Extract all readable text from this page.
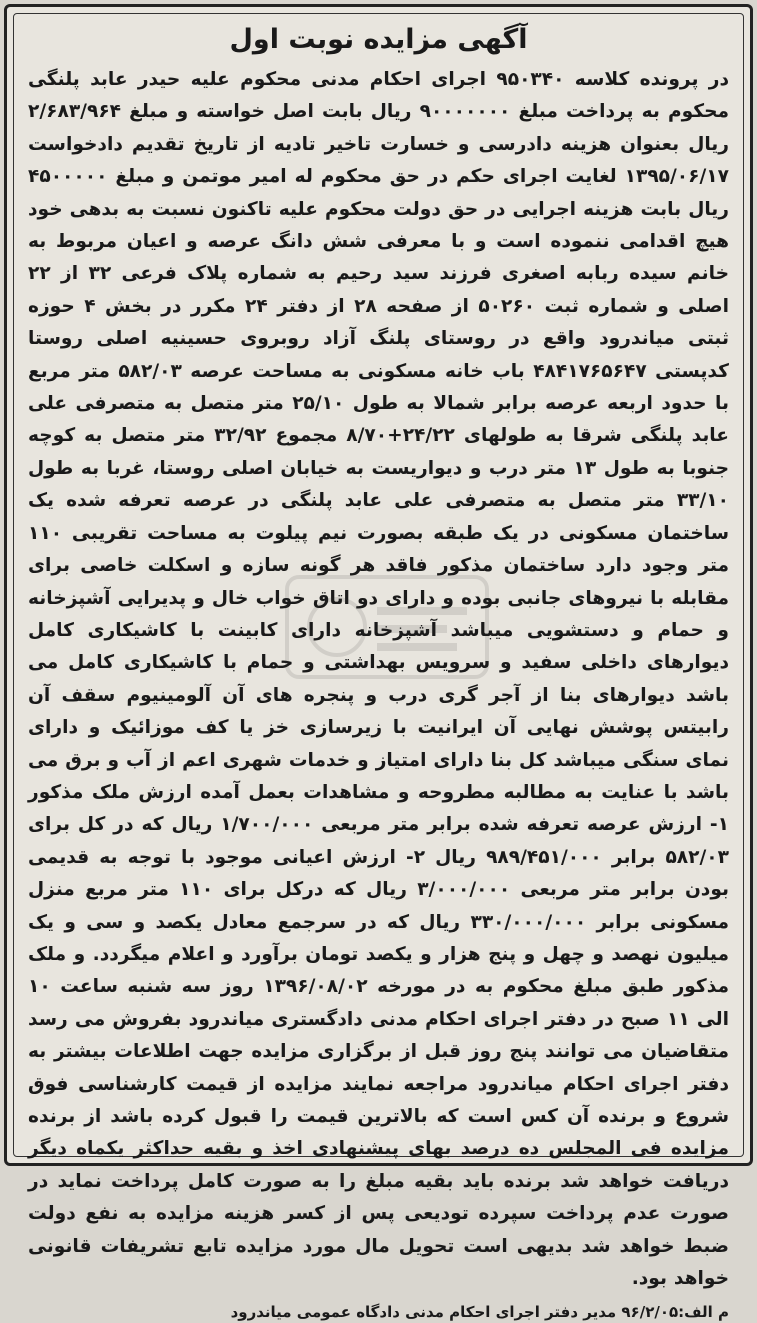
آگهی مزایده نوبت اول

در پرونده کلاسه ۹۵۰۳۴۰ اجرای احکام مدنی محکوم علیه حیدر عابد پلنگی محکوم به پرداخت مبلغ ۹۰۰۰۰۰۰۰ ریال بابت اصل خواسته و مبلغ ۲/۶۸۳/۹۶۴ ریال بعنوان هزینه دادرسی و خسارت تاخیر تادیه از تاریخ تقدیم دادخواست ۱۳۹۵/۰۶/۱۷ لغایت اجرای حکم در حق محکوم له امیر موتمن و مبلغ ۴۵۰۰۰۰۰ ریال بابت هزینه اجرایی در حق دولت محکوم علیه تاکنون نسبت به بدهی خود هیچ اقدامی ننموده است و با معرفی شش دانگ عرصه و اعیان مربوط به خانم سیده ربابه اصغری فرزند سید رحیم به شماره پلاک فرعی ۳۲ از ۲۲ اصلی و شماره ثبت ۵۰۲۶۰ از صفحه ۲۸ از دفتر ۲۴ مکرر در بخش ۴ حوزه ثبتی میاندرود واقع در روستای پلنگ آزاد روبروی حسینیه اصلی روستا کدپستی ۴۸۴۱۷۶۵۶۴۷ باب خانه مسکونی به مساحت عرصه ۵۸۲/۰۳ متر مربع با حدود اربعه عرصه برابر شمالا به طول ۲۵/۱۰ متر متصل به متصرفی علی عابد پلنگی شرقا به طولهای ۲۴/۲۲+۸/۷۰ مجموع ۳۲/۹۲ متر متصل به کوچه جنوبا به طول ۱۳ متر درب و دیواریست به خیابان اصلی روستا، غربا به طول ۳۳/۱۰ متر متصل به متصرفی علی عابد پلنگی در عرصه تعرفه شده یک ساختمان مسکونی در یک طبقه بصورت نیم پیلوت به مساحت تقریبی ۱۱۰ متر وجود دارد ساختمان مذکور فاقد هر گونه سازه و اسکلت خاصی برای مقابله با نیروهای جانبی بوده و دارای دو اتاق خواب خال و پدیرایی آشپزخانه و حمام و دستشویی میباشد آشپزخانه دارای کابینت با کاشیکاری کامل دیوارهای داخلی سفید و سرویس بهداشتی و حمام با کاشیکاری کامل می باشد دیوارهای بنا از آجر گری درب و پنجره های آن آلومینیوم سقف آن رابیتس پوشش نهایی آن ایرانیت با زیرسازی خز یا کف موزائیک و دارای نمای سنگی میباشد کل بنا دارای امتیاز و خدمات شهری اعم از آب و برق می باشد با عنایت به مطالبه مطروحه و مشاهدات بعمل آمده ارزش ملک مذکور ۱- ارزش عرصه تعرفه شده برابر متر مربعی ۱/۷۰۰/۰۰۰ ریال که در کل برای ۵۸۲/۰۳ برابر ۹۸۹/۴۵۱/۰۰۰ ریال ۲- ارزش اعیانی موجود با توجه به قدیمی بودن برابر متر مربعی ۳/۰۰۰/۰۰۰ ریال که درکل برای ۱۱۰ متر مربع منزل مسکونی برابر ۳۳۰/۰۰۰/۰۰۰ ریال که در سرجمع معادل یکصد و سی و یک میلیون نهصد و چهل و پنج هزار و یکصد تومان برآورد و اعلام میگردد. و ملک مذکور طبق مبلغ محکوم به در مورخه ۱۳۹۶/۰۸/۰۲ روز سه شنبه ساعت ۱۰ الی ۱۱ صبح در دفتر اجرای احکام مدنی دادگستری میاندرود بفروش می رسد متقاضیان می توانند پنج روز قبل از برگزاری مزایده جهت اطلاعات بیشتر به دفتر اجرای احکام میاندرود مراجعه نمایند مزایده از قیمت کارشناسی فوق شروع و برنده آن کس است که بالاترین قیمت را قبول کرده باشد از برنده مزایده فی المجلس ده درصد بهای پیشنهادی اخذ و بقیه حداکثر یکماه دیگر دریافت خواهد شد برنده باید بقیه مبلغ را به صورت کامل پرداخت نماید در صورت عدم پرداخت سپرده تودیعی پس از کسر هزینه مزایده به نفع دولت ضبط خواهد شد بدیهی است تحویل مال مورد مزایده تابع تشریفات قانونی خواهد بود.

م الف:۹۶/۲/۰۵ مدیر دفتر اجرای احکام مدنی دادگاه عمومی میاندرود
